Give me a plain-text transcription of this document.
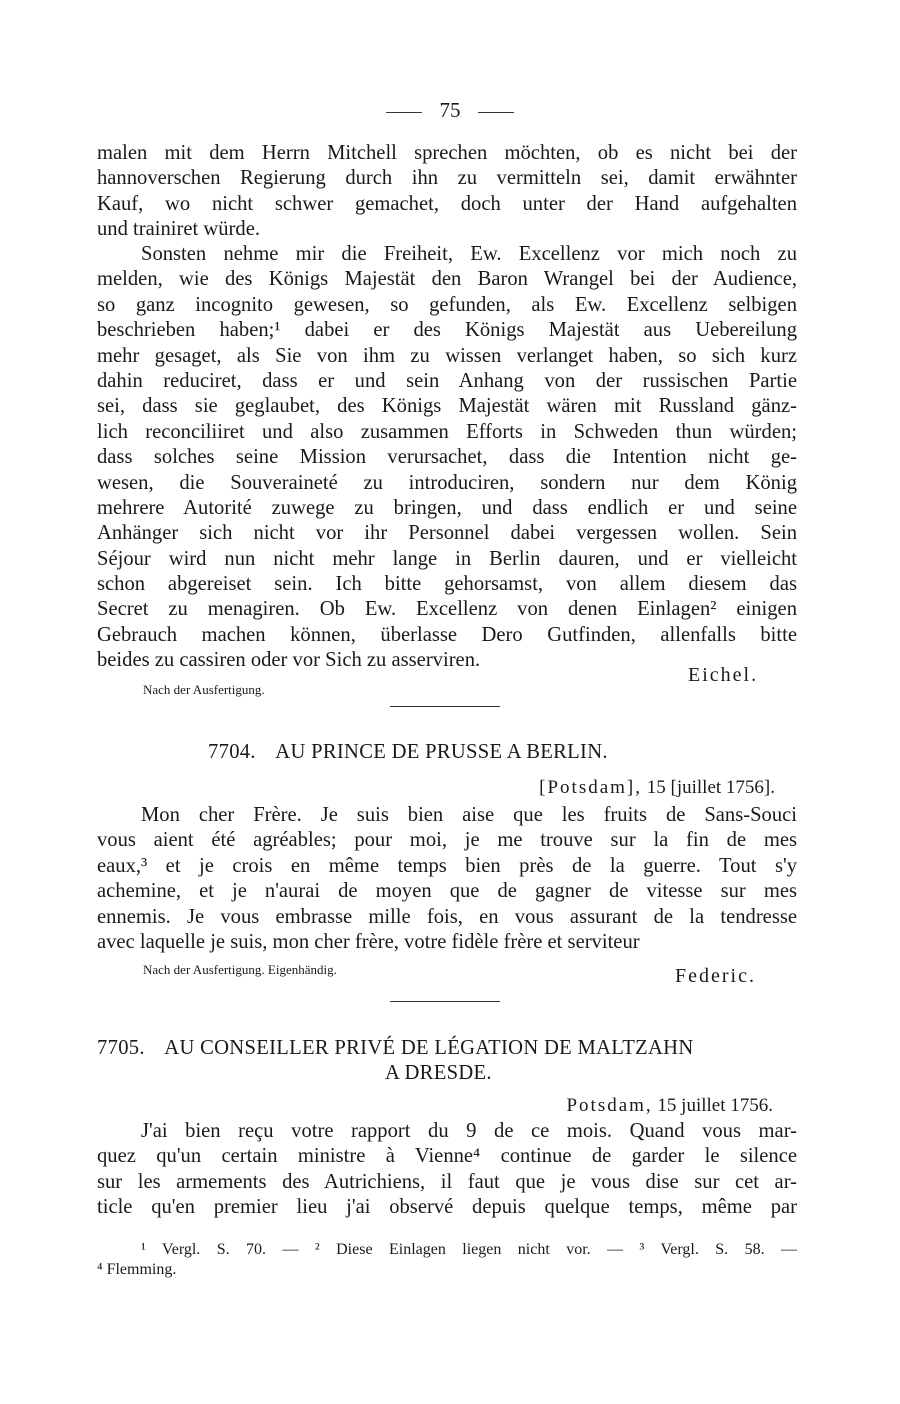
75
malen mit dem Herrn Mitchell sprechen möchten, ob es nicht bei der
hannoverschen Regierung durch ihn zu vermitteln sei, damit erwähnter
Kauf, wo nicht schwer gemachet, doch unter der Hand aufgehalten
und trainiret würde.
Sonsten nehme mir die Freiheit, Ew. Excellenz vor mich noch zu
melden, wie des Königs Majestät den Baron Wrangel bei der Audience,
so ganz incognito gewesen, so gefunden, als Ew. Excellenz selbigen
beschrieben haben;¹ dabei er des Königs Majestät aus Uebereilung
mehr gesaget, als Sie von ihm zu wissen verlanget haben, so sich kurz
dahin reduciret, dass er und sein Anhang von der russischen Partie
sei, dass sie geglaubet, des Königs Majestät wären mit Russland gänz-
lich reconciliiret und also zusammen Efforts in Schweden thun würden;
dass solches seine Mission verursachet, dass die Intention nicht ge-
wesen, die Souveraineté zu introduciren, sondern nur dem König
mehrere Autorité zuwege zu bringen, und dass endlich er und seine
Anhänger sich nicht vor ihr Personnel dabei vergessen wollen. Sein
Séjour wird nun nicht mehr lange in Berlin dauren, und er vielleicht
schon abgereiset sein. Ich bitte gehorsamst, von allem diesem das
Secret zu menagiren. Ob Ew. Excellenz von denen Einlagen² einigen
Gebrauch machen können, überlasse Dero Gutfinden, allenfalls bitte
beides zu cassiren oder vor Sich zu asserviren.
Nach der Ausfertigung.
Eichel.
7704. AU PRINCE DE PRUSSE A BERLIN.
[Potsdam], 15 [juillet 1756].
Mon cher Frère. Je suis bien aise que les fruits de Sans-Souci
vous aient été agréables; pour moi, je me trouve sur la fin de mes
eaux,³ et je crois en même temps bien près de la guerre. Tout s'y
achemine, et je n'aurai de moyen que de gagner de vitesse sur mes
ennemis. Je vous embrasse mille fois, en vous assurant de la tendresse
avec laquelle je suis, mon cher frère, votre fidèle frère et serviteur
Nach der Ausfertigung. Eigenhändig.	Federic.
7705. AU CONSEILLER PRIVÉ DE LÉGATION DE MALTZAHN
A DRESDE.
Potsdam, 15 juillet 1756.
J'ai bien reçu votre rapport du 9 de ce mois. Quand vous mar-
quez qu'un certain ministre à Vienne⁴ continue de garder le silence
sur les armements des Autrichiens, il faut que je vous dise sur cet ar-
ticle qu'en premier lieu j'ai observé depuis quelque temps, même par
¹ Vergl. S. 70. — ² Diese Einlagen liegen nicht vor. — ³ Vergl. S. 58. —
⁴ Flemming.
